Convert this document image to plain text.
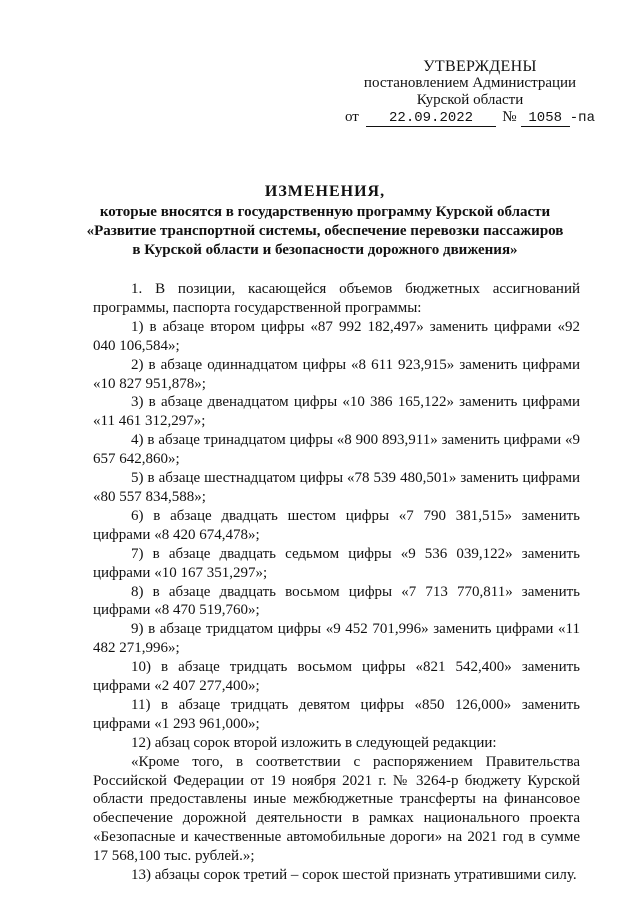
УТВЕРЖДЕНЫ
постановлением Администрации
Курской области
от	22.09.2022	№ 1058 -па
ИЗМЕНЕНИЯ,
которые вносятся в государственную программу Курской области
«Развитие транспортной системы, обеспечение перевозки пассажиров
в Курской области и безопасности дорожного движения»

1. В позиции, касающейся объемов бюджетных ассигнований программы, паспорта государственной программы:

1) в абзаце втором цифры «87 992 182,497» заменить цифрами «92 040 106,584»;

2) в абзаце одиннадцатом цифры «8 611 923,915» заменить цифрами «10 827 951,878»;

3) в абзаце двенадцатом цифры «10 386 165,122» заменить цифрами «11 461 312,297»;

4) в абзаце тринадцатом цифры «8 900 893,911» заменить цифрами «9 657 642,860»;

5) в абзаце шестнадцатом цифры «78 539 480,501» заменить цифрами «80 557 834,588»;

6) в абзаце двадцать шестом цифры «7 790 381,515» заменить цифрами «8 420 674,478»;

7) в абзаце двадцать седьмом цифры «9 536 039,122» заменить цифрами «10 167 351,297»;

8) в абзаце двадцать восьмом цифры «7 713 770,811» заменить цифрами «8 470 519,760»;

9) в абзаце тридцатом цифры «9 452 701,996» заменить цифрами «11 482 271,996»;

10) в абзаце тридцать восьмом цифры «821 542,400» заменить цифрами «2 407 277,400»;

11) в абзаце тридцать девятом цифры «850 126,000» заменить цифрами «1 293 961,000»;

12) абзац сорок второй изложить в следующей редакции:

«Кроме того, в соответствии с распоряжением Правительства Российской Федерации от 19 ноября 2021 г. № 3264-р бюджету Курской области предоставлены иные межбюджетные трансферты на финансовое обеспечение дорожной деятельности в рамках национального проекта «Безопасные и качественные автомобильные дороги» на 2021 год в сумме 17 568,100 тыс. рублей.»;

13) абзацы сорок третий – сорок шестой признать утратившими силу.
